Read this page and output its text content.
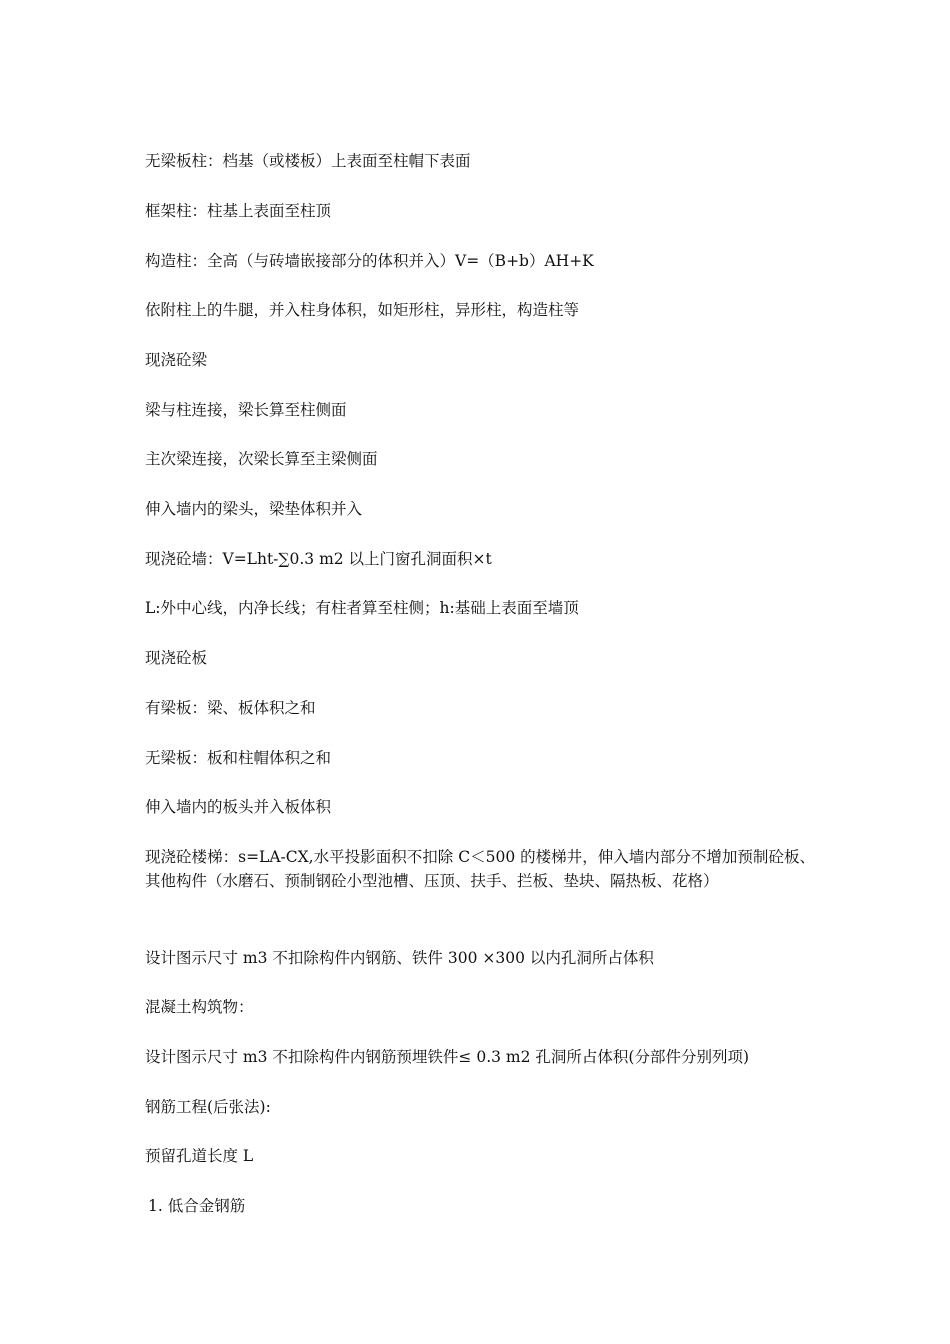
无梁板柱：档基（或楼板）上表面至柱帽下表面

框架柱：柱基上表面至柱顶

构造柱：全高（与砖墙嵌接部分的体积并入）V=（B+b）AH+K

依附柱上的牛腿，并入柱身体积，如矩形柱，异形柱，构造柱等

现浇砼梁

梁与柱连接，梁长算至柱侧面

主次梁连接，次梁长算至主梁侧面

伸入墙内的梁头，梁垫体积并入

现浇砼墙：V=Lht-∑0.3 m2 以上门窗孔洞面积×t

L:外中心线，内净长线；有柱者算至柱侧；h:基础上表面至墙顶

现浇砼板

有梁板：梁、板体积之和

无梁板：板和柱帽体积之和

伸入墙内的板头并入板体积

现浇砼楼梯：s=LA-CX,水平投影面积不扣除 C＜500 的楼梯井，伸入墙内部分不增加预制砼板、其他构件（水磨石、预制钢砼小型池槽、压顶、扶手、拦板、垫块、隔热板、花格）

设计图示尺寸 m3 不扣除构件内钢筋、铁件 300 ×300 以内孔洞所占体积

混凝土构筑物：

设计图示尺寸 m3 不扣除构件内钢筋预埋铁件≤ 0.3 m2 孔洞所占体积(分部件分别列项)

钢筋工程(后张法):

预留孔道长度 L

1. 低合金钢筋
